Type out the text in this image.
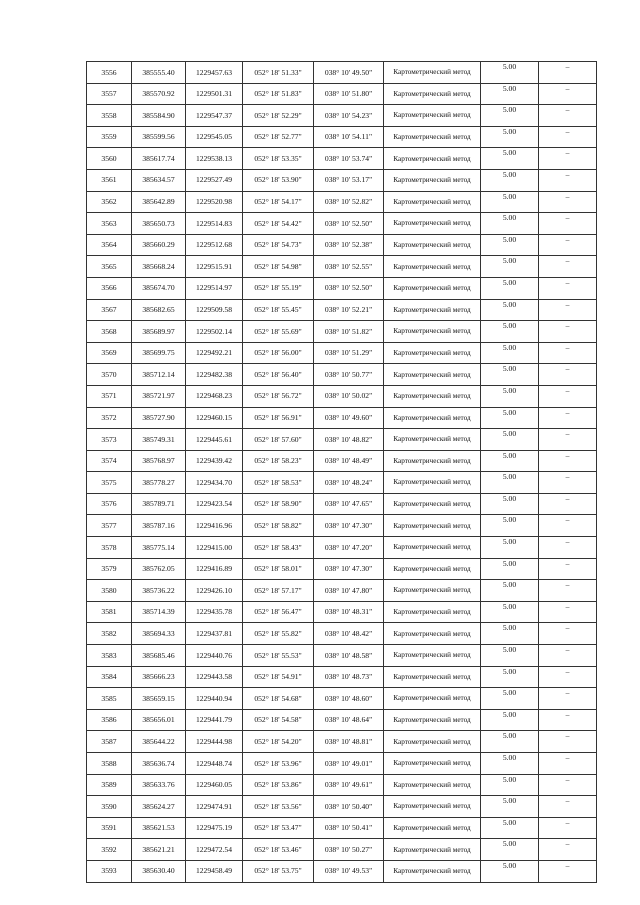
3556	385555.40	1229457.63	052° 18' 51.33"	038° 10' 49.50"	Картометрический метод	5.00	–
3557	385570.92	1229501.31	052° 18' 51.83"	038° 10' 51.80"	Картометрический метод	5.00	–
3558	385584.90	1229547.37	052° 18' 52.29"	038° 10' 54.23"	Картометрический метод	5.00	–
3559	385599.56	1229545.05	052° 18' 52.77"	038° 10' 54.11"	Картометрический метод	5.00	–
3560	385617.74	1229538.13	052° 18' 53.35"	038° 10' 53.74"	Картометрический метод	5.00	–
3561	385634.57	1229527.49	052° 18' 53.90"	038° 10' 53.17"	Картометрический метод	5.00	–
3562	385642.89	1229520.98	052° 18' 54.17"	038° 10' 52.82"	Картометрический метод	5.00	–
3563	385650.73	1229514.83	052° 18' 54.42"	038° 10' 52.50"	Картометрический метод	5.00	–
3564	385660.29	1229512.68	052° 18' 54.73"	038° 10' 52.38"	Картометрический метод	5.00	–
3565	385668.24	1229515.91	052° 18' 54.98"	038° 10' 52.55"	Картометрический метод	5.00	–
3566	385674.70	1229514.97	052° 18' 55.19"	038° 10' 52.50"	Картометрический метод	5.00	–
3567	385682.65	1229509.58	052° 18' 55.45"	038° 10' 52.21"	Картометрический метод	5.00	–
3568	385689.97	1229502.14	052° 18' 55.69"	038° 10' 51.82"	Картометрический метод	5.00	–
3569	385699.75	1229492.21	052° 18' 56.00"	038° 10' 51.29"	Картометрический метод	5.00	–
3570	385712.14	1229482.38	052° 18' 56.40"	038° 10' 50.77"	Картометрический метод	5.00	–
3571	385721.97	1229468.23	052° 18' 56.72"	038° 10' 50.02"	Картометрический метод	5.00	–
3572	385727.90	1229460.15	052° 18' 56.91"	038° 10' 49.60"	Картометрический метод	5.00	–
3573	385749.31	1229445.61	052° 18' 57.60"	038° 10' 48.82"	Картометрический метод	5.00	–
3574	385768.97	1229439.42	052° 18' 58.23"	038° 10' 48.49"	Картометрический метод	5.00	–
3575	385778.27	1229434.70	052° 18' 58.53"	038° 10' 48.24"	Картометрический метод	5.00	–
3576	385789.71	1229423.54	052° 18' 58.90"	038° 10' 47.65"	Картометрический метод	5.00	–
3577	385787.16	1229416.96	052° 18' 58.82"	038° 10' 47.30"	Картометрический метод	5.00	–
3578	385775.14	1229415.00	052° 18' 58.43"	038° 10' 47.20"	Картометрический метод	5.00	–
3579	385762.05	1229416.89	052° 18' 58.01"	038° 10' 47.30"	Картометрический метод	5.00	–
3580	385736.22	1229426.10	052° 18' 57.17"	038° 10' 47.80"	Картометрический метод	5.00	–
3581	385714.39	1229435.78	052° 18' 56.47"	038° 10' 48.31"	Картометрический метод	5.00	–
3582	385694.33	1229437.81	052° 18' 55.82"	038° 10' 48.42"	Картометрический метод	5.00	–
3583	385685.46	1229440.76	052° 18' 55.53"	038° 10' 48.58"	Картометрический метод	5.00	–
3584	385666.23	1229443.58	052° 18' 54.91"	038° 10' 48.73"	Картометрический метод	5.00	–
3585	385659.15	1229440.94	052° 18' 54.68"	038° 10' 48.60"	Картометрический метод	5.00	–
3586	385656.01	1229441.79	052° 18' 54.58"	038° 10' 48.64"	Картометрический метод	5.00	–
3587	385644.22	1229444.98	052° 18' 54.20"	038° 10' 48.81"	Картометрический метод	5.00	–
3588	385636.74	1229448.74	052° 18' 53.96"	038° 10' 49.01"	Картометрический метод	5.00	–
3589	385633.76	1229460.05	052° 18' 53.86"	038° 10' 49.61"	Картометрический метод	5.00	–
3590	385624.27	1229474.91	052° 18' 53.56"	038° 10' 50.40"	Картометрический метод	5.00	–
3591	385621.53	1229475.19	052° 18' 53.47"	038° 10' 50.41"	Картометрический метод	5.00	–
3592	385621.21	1229472.54	052° 18' 53.46"	038° 10' 50.27"	Картометрический метод	5.00	–
3593	385630.40	1229458.49	052° 18' 53.75"	038° 10' 49.53"	Картометрический метод	5.00	–
